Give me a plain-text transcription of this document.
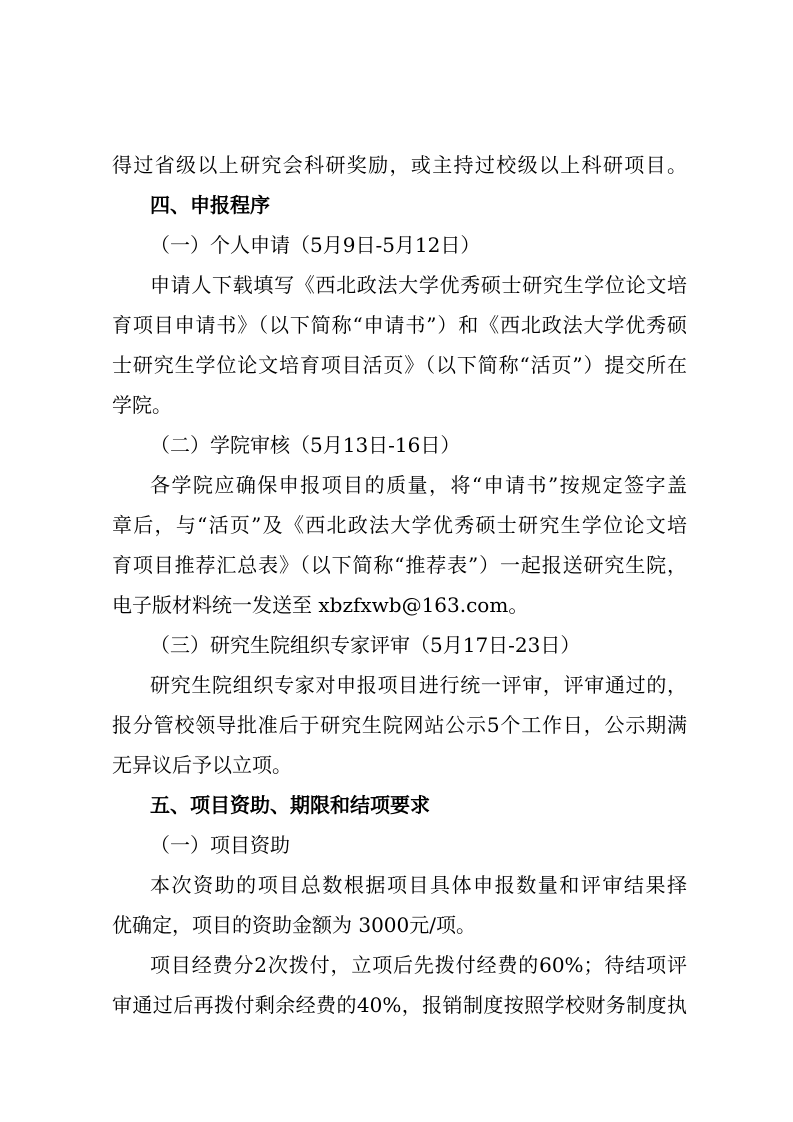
得过省级以上研究会科研奖励，或主持过校级以上科研项目。
四、申报程序
（一）个人申请（5月9日-5月12日）
申请人下载填写《西北政法大学优秀硕士研究生学位论文培
育项目申请书》（以下简称“申请书”）和《西北政法大学优秀硕
士研究生学位论文培育项目活页》（以下简称“活页”）提交所在
学院。
（二）学院审核（5月13日-16日）
各学院应确保申报项目的质量，将“申请书”按规定签字盖
章后，与“活页”及《西北政法大学优秀硕士研究生学位论文培
育项目推荐汇总表》（以下简称“推荐表”）一起报送研究生院，
电子版材料统一发送至 xbzfxwb@163.com。
（三）研究生院组织专家评审（5月17日-23日）
研究生院组织专家对申报项目进行统一评审，评审通过的，
报分管校领导批准后于研究生院网站公示5个工作日，公示期满
无异议后予以立项。
五、项目资助、期限和结项要求
（一）项目资助
本次资助的项目总数根据项目具体申报数量和评审结果择
优确定，项目的资助金额为 3000元/项。
项目经费分2次拨付，立项后先拨付经费的60%；待结项评
审通过后再拨付剩余经费的40%，报销制度按照学校财务制度执
